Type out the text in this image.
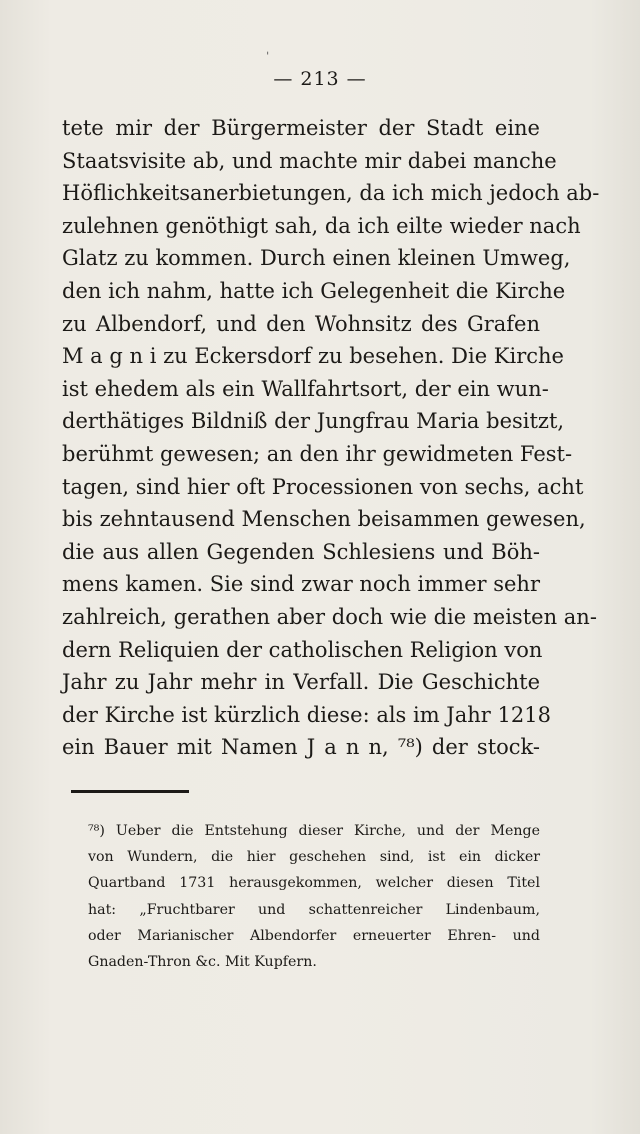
ˌ
— 213 —
tete mir der Bürgermeister der Stadt eine
Staatsvisite ab, und machte mir dabei manche
Höflichkeitsanerbietungen, da ich mich jedoch ab-
zulehnen genöthigt sah, da ich eilte wieder nach
Glatz zu kommen. Durch einen kleinen Umweg,
den ich nahm, hatte ich Gelegenheit die Kirche
zu Albendorf, und den Wohnsitz des Grafen
M a g n i zu Eckersdorf zu besehen. Die Kirche
ist ehedem als ein Wallfahrtsort, der ein wun-
derthätiges Bildniß der Jungfrau Maria besitzt,
berühmt gewesen; an den ihr gewidmeten Fest-
tagen, sind hier oft Processionen von sechs, acht
bis zehntausend Menschen beisammen gewesen,
die aus allen Gegenden Schlesiens und Böh-
mens kamen. Sie sind zwar noch immer sehr
zahlreich, gerathen aber doch wie die meisten an-
dern Reliquien der catholischen Religion von
Jahr zu Jahr mehr in Verfall. Die Geschichte
der Kirche ist kürzlich diese: als im Jahr 1218
ein Bauer mit Namen J a n n, ⁷⁸) der stock-
⁷⁸) Ueber die Entstehung dieser Kirche, und der Menge
von Wundern, die hier geschehen sind, ist ein dicker
Quartband 1731 herausgekommen, welcher diesen Titel
hat: „Fruchtbarer und schattenreicher Lindenbaum,
oder Marianischer Albendorfer erneuerter Ehren- und
Gnaden-Thron &c. Mit Kupfern.
